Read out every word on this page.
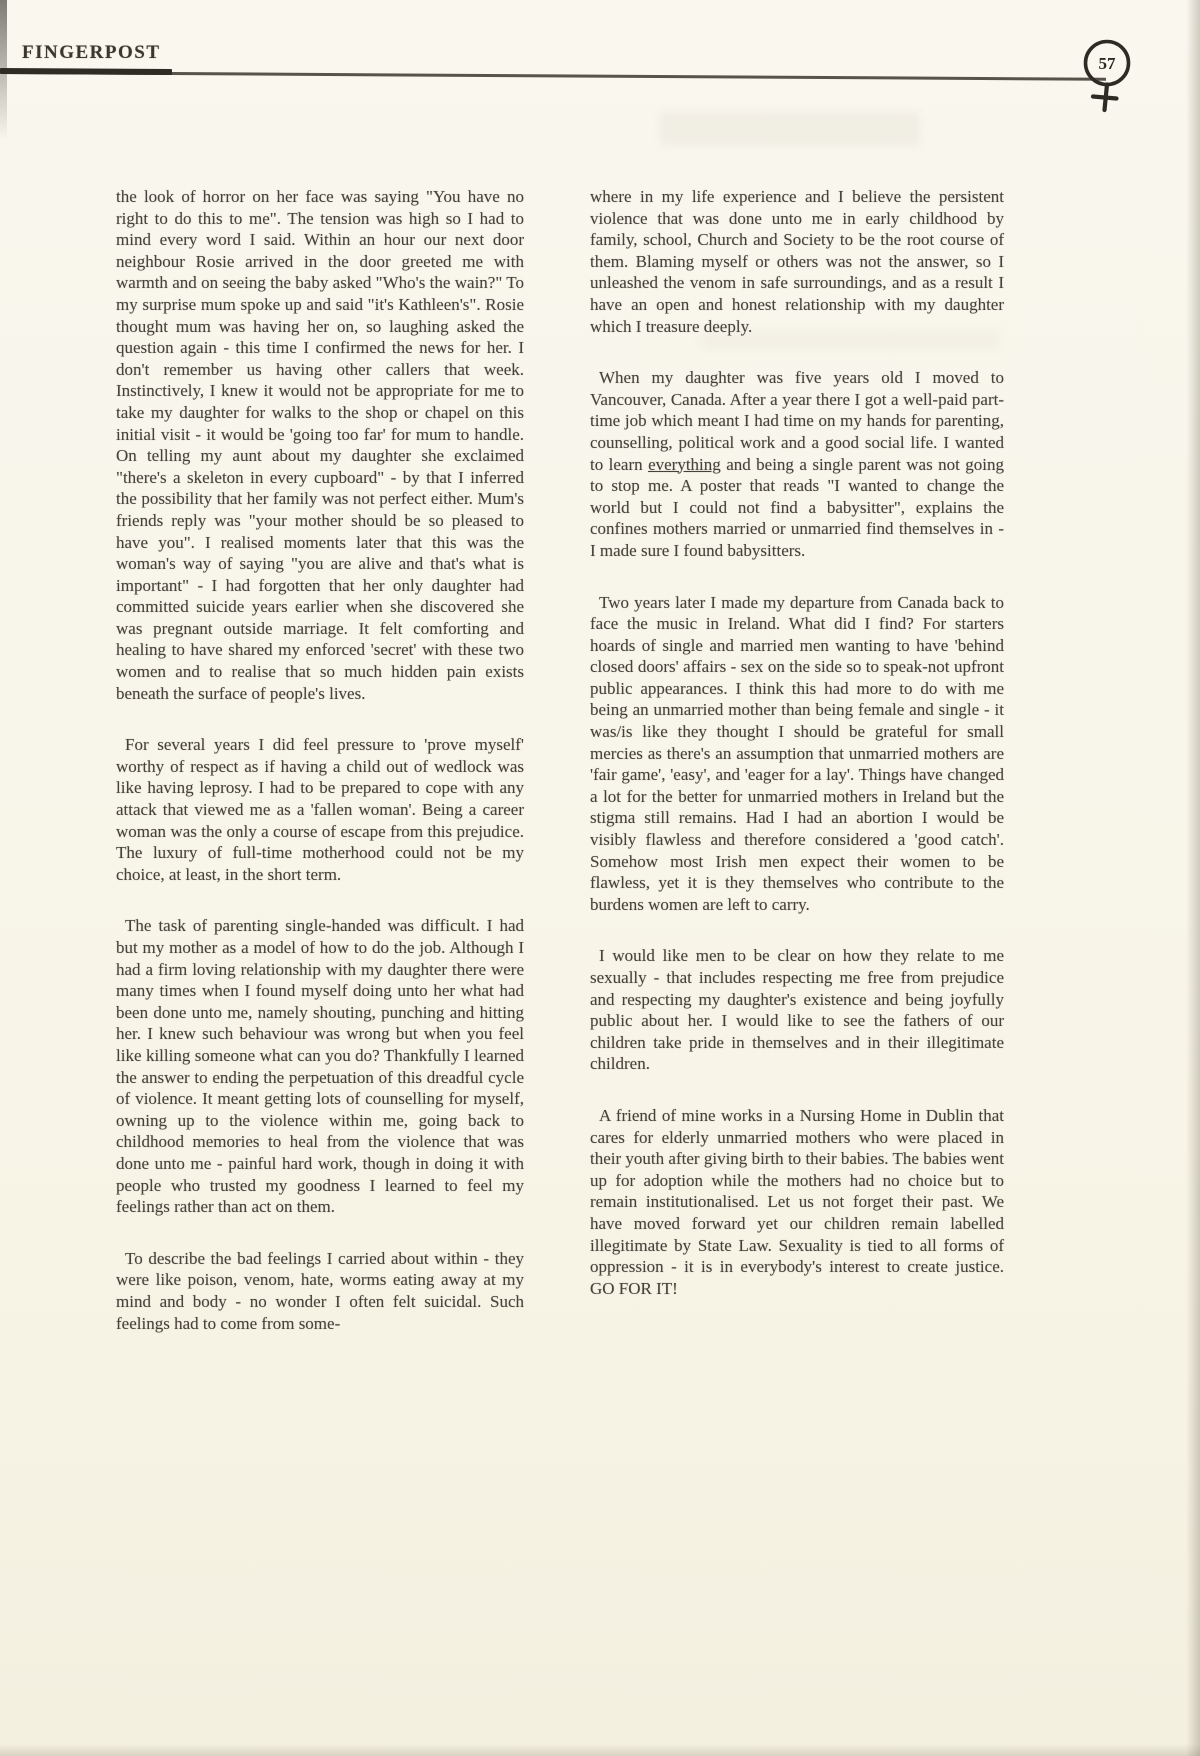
FINGERPOST
57

the look of horror on her face was saying "You have no right to do this to me". The tension was high so I had to mind every word I said. Within an hour our next door neighbour Rosie arrived in the door greeted me with warmth and on seeing the baby asked "Who's the wain?" To my surprise mum spoke up and said "it's Kathleen's". Rosie thought mum was having her on, so laughing asked the question again - this time I confirmed the news for her. I don't remember us having other callers that week. Instinctively, I knew it would not be appropriate for me to take my daughter for walks to the shop or chapel on this initial visit - it would be 'going too far' for mum to handle. On telling my aunt about my daughter she exclaimed "there's a skeleton in every cupboard" - by that I inferred the possibility that her family was not perfect either. Mum's friends reply was "your mother should be so pleased to have you". I realised moments later that this was the woman's way of saying "you are alive and that's what is important" - I had forgotten that her only daughter had committed suicide years earlier when she discovered she was pregnant outside marriage. It felt comforting and healing to have shared my enforced 'secret' with these two women and to realise that so much hidden pain exists beneath the surface of people's lives.

For several years I did feel pressure to 'prove myself' worthy of respect as if having a child out of wedlock was like having leprosy. I had to be prepared to cope with any attack that viewed me as a 'fallen woman'. Being a career woman was the only a course of escape from this prejudice. The luxury of full-time motherhood could not be my choice, at least, in the short term.

The task of parenting single-handed was difficult. I had but my mother as a model of how to do the job. Although I had a firm loving relationship with my daughter there were many times when I found myself doing unto her what had been done unto me, namely shouting, punching and hitting her. I knew such behaviour was wrong but when you feel like killing someone what can you do? Thankfully I learned the answer to ending the perpetuation of this dreadful cycle of violence. It meant getting lots of counselling for myself, owning up to the violence within me, going back to childhood memories to heal from the violence that was done unto me - painful hard work, though in doing it with people who trusted my goodness I learned to feel my feelings rather than act on them.

To describe the bad feelings I carried about within - they were like poison, venom, hate, worms eating away at my mind and body - no wonder I often felt suicidal. Such feelings had to come from some-

where in my life experience and I believe the persistent violence that was done unto me in early childhood by family, school, Church and Society to be the root course of them. Blaming myself or others was not the answer, so I unleashed the venom in safe surroundings, and as a result I have an open and honest relationship with my daughter which I treasure deeply.

When my daughter was five years old I moved to Vancouver, Canada. After a year there I got a well-paid part-time job which meant I had time on my hands for parenting, counselling, political work and a good social life. I wanted to learn everything and being a single parent was not going to stop me. A poster that reads "I wanted to change the world but I could not find a babysitter", explains the confines mothers married or unmarried find themselves in - I made sure I found babysitters.

Two years later I made my departure from Canada back to face the music in Ireland. What did I find? For starters hoards of single and married men wanting to have 'behind closed doors' affairs - sex on the side so to speak-not upfront public appearances. I think this had more to do with me being an unmarried mother than being female and single - it was/is like they thought I should be grateful for small mercies as there's an assumption that unmarried mothers are 'fair game', 'easy', and 'eager for a lay'. Things have changed a lot for the better for unmarried mothers in Ireland but the stigma still remains. Had I had an abortion I would be visibly flawless and therefore considered a 'good catch'. Somehow most Irish men expect their women to be flawless, yet it is they themselves who contribute to the burdens women are left to carry.

I would like men to be clear on how they relate to me sexually - that includes respecting me free from prejudice and respecting my daughter's existence and being joyfully public about her. I would like to see the fathers of our children take pride in themselves and in their illegitimate children.

A friend of mine works in a Nursing Home in Dublin that cares for elderly unmarried mothers who were placed in their youth after giving birth to their babies. The babies went up for adoption while the mothers had no choice but to remain institutionalised. Let us not forget their past. We have moved forward yet our children remain labelled illegitimate by State Law. Sexuality is tied to all forms of oppression - it is in everybody's interest to create justice. GO FOR IT!
